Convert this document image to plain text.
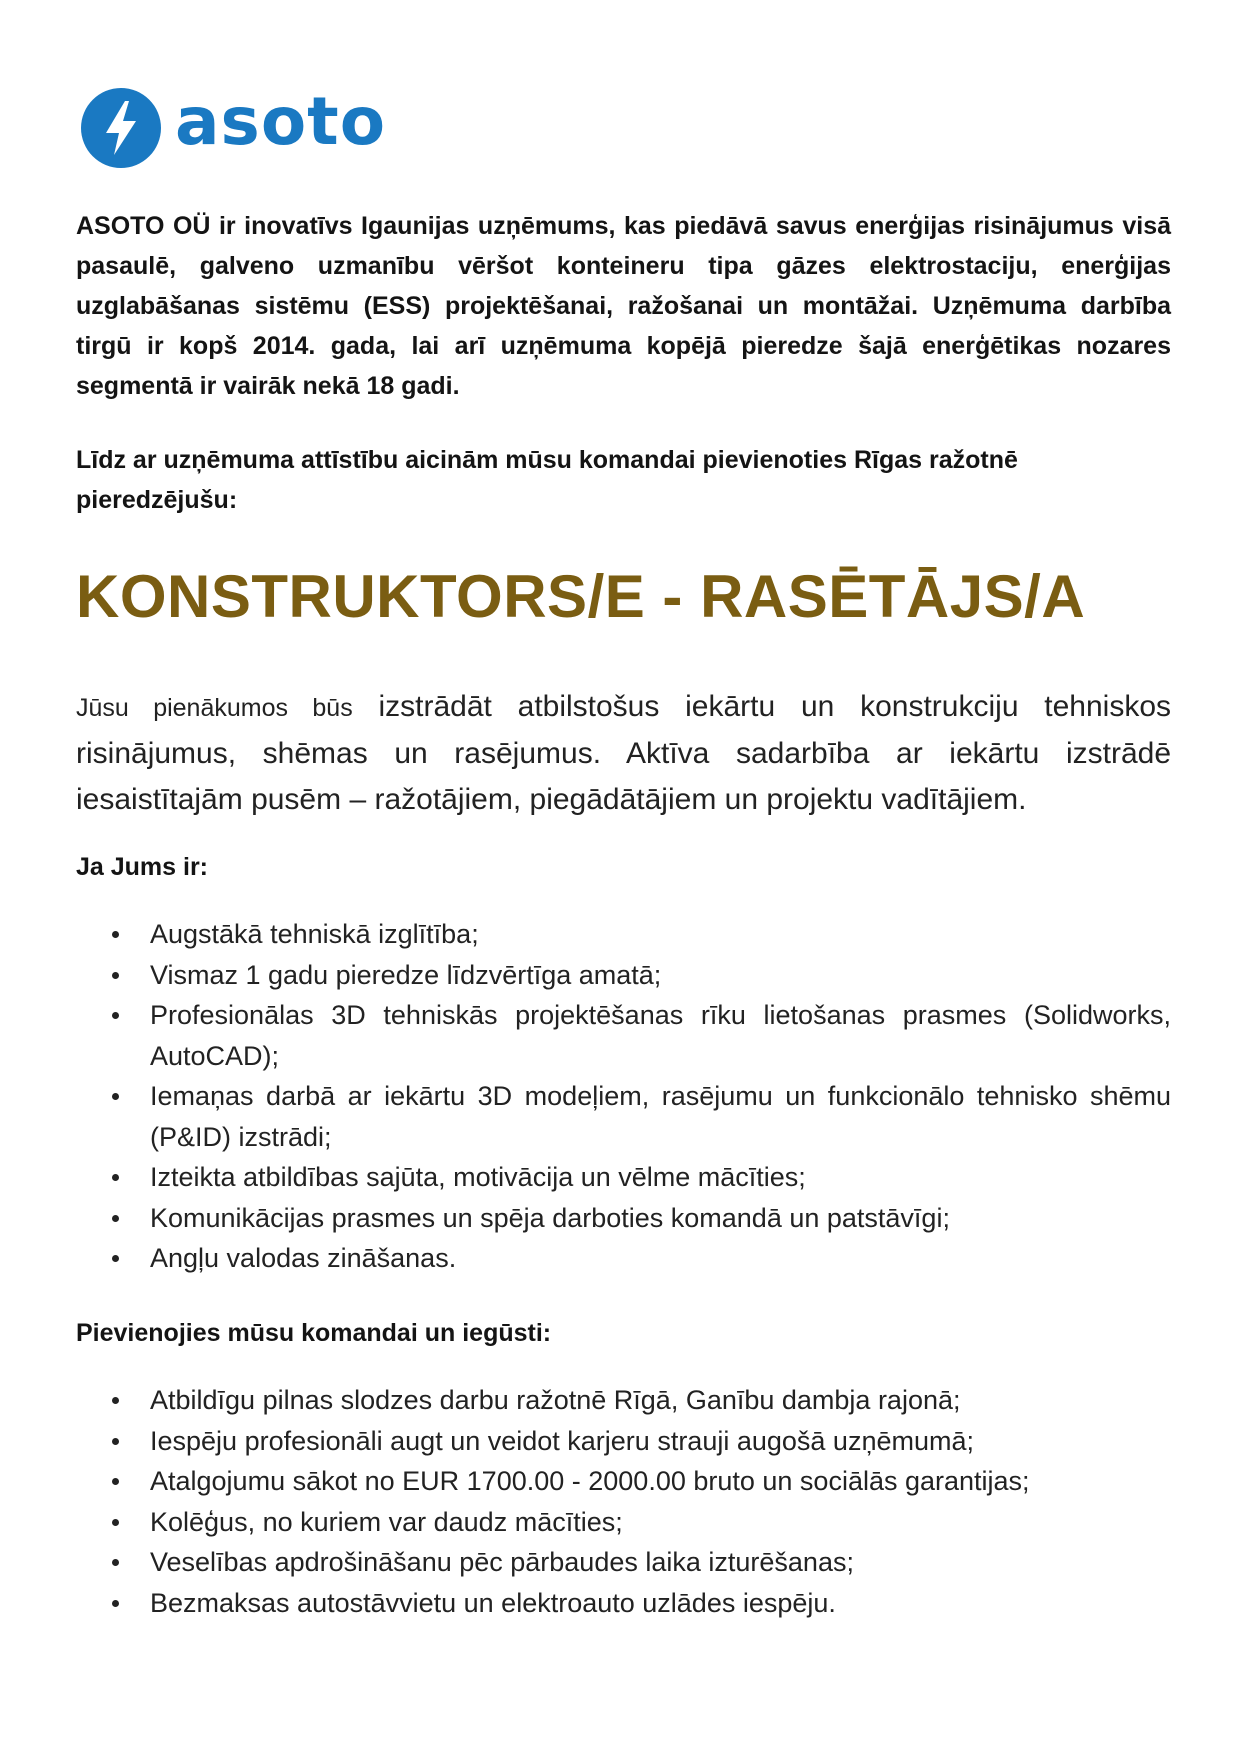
asoto

ASOTO OÜ ir inovatīvs Igaunijas uzņēmums, kas piedāvā savus enerģijas risinājumus visā pasaulē, galveno uzmanību vēršot konteineru tipa gāzes elektrostaciju, enerģijas uzglabāšanas sistēmu (ESS) projektēšanai, ražošanai un montāžai. Uzņēmuma darbība tirgū ir kopš 2014. gada, lai arī uzņēmuma kopējā pieredze šajā enerģētikas nozares segmentā ir vairāk nekā 18 gadi.

Līdz ar uzņēmuma attīstību aicinām mūsu komandai pievienoties Rīgas ražotnē pieredzējušu:

KONSTRUKTORS/E - RASĒTĀJS/A

Jūsu pienākumos būs izstrādāt atbilstošus iekārtu un konstrukciju tehniskos risinājumus, shēmas un rasējumus. Aktīva sadarbība ar iekārtu izstrādē iesaistītajām pusēm – ražotājiem, piegādātājiem un projektu vadītājiem.

Ja Jums ir:
Augstākā tehniskā izglītība;
Vismaz 1 gadu pieredze līdzvērtīga amatā;
Profesionālas 3D tehniskās projektēšanas rīku lietošanas prasmes (Solidworks, AutoCAD);
Iemaņas darbā ar iekārtu 3D modeļiem, rasējumu un funkcionālo tehnisko shēmu (P&ID) izstrādi;
Izteikta atbildības sajūta, motivācija un vēlme mācīties;
Komunikācijas prasmes un spēja darboties komandā un patstāvīgi;
Angļu valodas zināšanas.
Pievienojies mūsu komandai un iegūsti:
Atbildīgu pilnas slodzes darbu ražotnē Rīgā, Ganību dambja rajonā;
Iespēju profesionāli augt un veidot karjeru strauji augošā uzņēmumā;
Atalgojumu sākot no EUR 1700.00 - 2000.00 bruto un sociālās garantijas;
Kolēģus, no kuriem var daudz mācīties;
Veselības apdrošināšanu pēc pārbaudes laika izturēšanas;
Bezmaksas autostāvvietu un elektroauto uzlādes iespēju.
